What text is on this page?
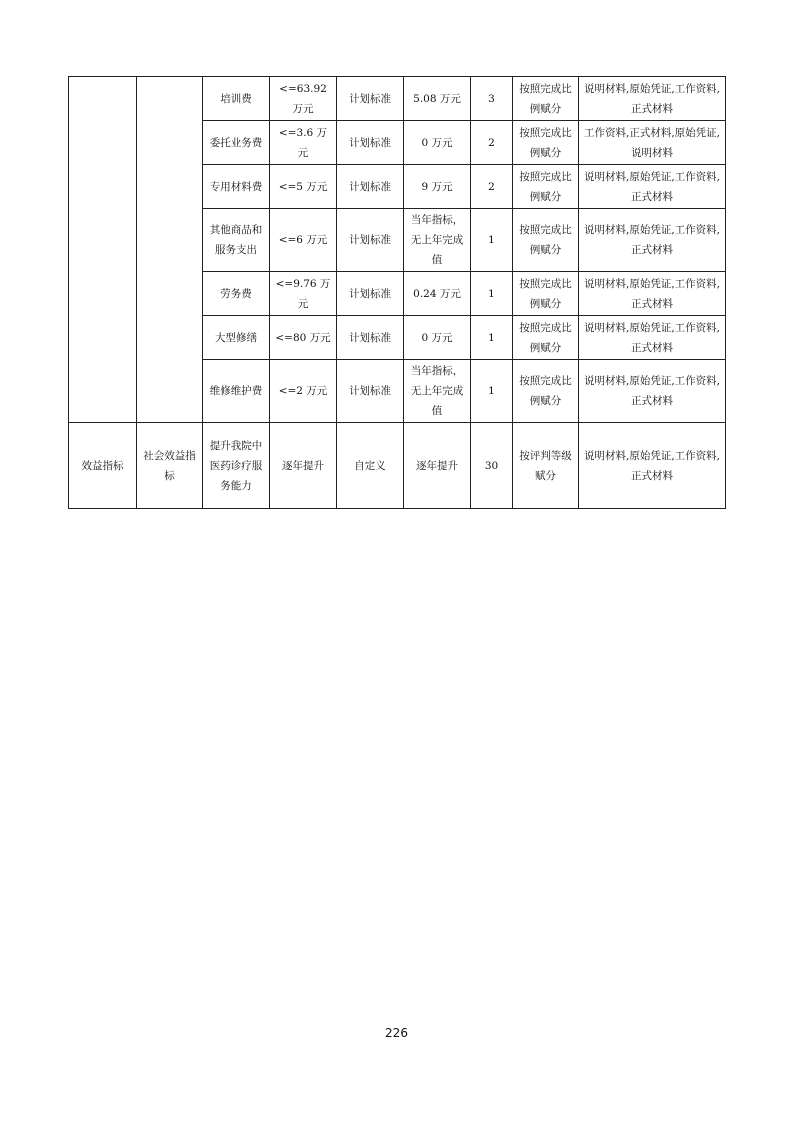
		培训费	<=63.92 万元	计划标准	5.08 万元	3	按照完成比例赋分	说明材料,原始凭证,工作资料,正式材料
		委托业务费	<=3.6 万元	计划标准	0 万元	2	按照完成比例赋分	工作资料,正式材料,原始凭证,说明材料
		专用材料费	<=5 万元	计划标准	9 万元	2	按照完成比例赋分	说明材料,原始凭证,工作资料,正式材料
		其他商品和服务支出	<=6 万元	计划标准	当年指标，无上年完成值	1	按照完成比例赋分	说明材料,原始凭证,工作资料,正式材料
		劳务费	<=9.76 万元	计划标准	0.24 万元	1	按照完成比例赋分	说明材料,原始凭证,工作资料,正式材料
		大型修缮	<=80 万元	计划标准	0 万元	1	按照完成比例赋分	说明材料,原始凭证,工作资料,正式材料
		维修维护费	<=2 万元	计划标准	当年指标，无上年完成值	1	按照完成比例赋分	说明材料,原始凭证,工作资料,正式材料
效益指标	社会效益指标	提升我院中医药诊疗服务能力	逐年提升	自定义	逐年提升	30	按评判等级赋分	说明材料,原始凭证,工作资料,正式材料
226
